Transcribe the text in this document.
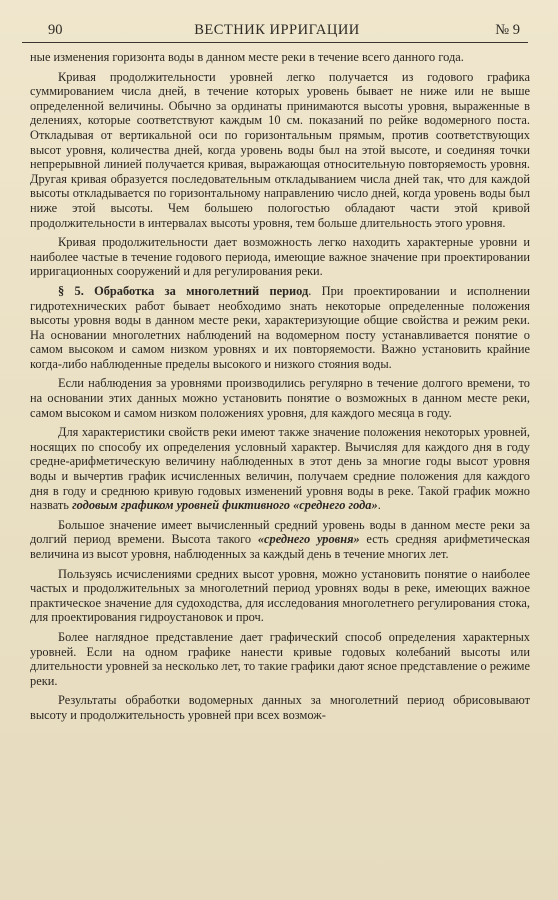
90	ВЕСТНИК ИРРИГАЦИИ	№ 9

ные изменения горизонта воды в данном месте реки в течение всего данного года.

Кривая продолжительности уровней легко получается из годового графика суммированием числа дней, в течение которых уровень бывает не ниже или не выше определенной величины. Обычно за ординаты принимаются высоты уровня, выраженные в делениях, которые соответствуют каждым 10 см. показаний по рейке водомерного поста. Откладывая от вертикальной оси по горизонтальным прямым, против соответствующих высот уровня, количества дней, когда уровень воды был на этой высоте, и соединяя точки непрерывной линией получается кривая, выражающая относительную повторяемость уровня. Другая кривая образуется последовательным откладыванием числа дней так, что для каждой высоты откладывается по горизонтальному направлению число дней, когда уровень воды был ниже этой высоты. Чем большею пологостью обладают части этой кривой продолжительности в интервалах высоты уровня, тем больше длительность этого уровня.

Кривая продолжительности дает возможность легко находить характерные уровни и наиболее частые в течение годового периода, имеющие важное значение при проектировании ирригационных сооружений и для регулирования реки.

§ 5. Обработка за многолетний период. При проектировании и исполнении гидротехнических работ бывает необходимо знать некоторые определенные положения высоты уровня воды в данном месте реки, характеризующие общие свойства и режим реки. На основании многолетних наблюдений на водомерном посту устанавливается понятие о самом высоком и самом низком уровнях и их повторяемости. Важно установить крайние когда-либо наблюденные пределы высокого и низкого стояния воды.

Если наблюдения за уровнями производились регулярно в течение долгого времени, то на основании этих данных можно установить понятие о возможных в данном месте реки, самом высоком и самом низком положениях уровня, для каждого месяца в году.

Для характеристики свойств реки имеют также значение положения некоторых уровней, носящих по способу их определения условный характер. Вычисляя для каждого дня в году средне-арифметическую величину наблюденных в этот день за многие годы высот уровня воды и вычертив график исчисленных величин, получаем средние положения для каждого дня в году и среднюю кривую годовых изменений уровня воды в реке. Такой график можно назвать годовым графиком уровней фиктивного «среднего года».

Большое значение имеет вычисленный средний уровень воды в данном месте реки за долгий период времени. Высота такого «среднего уровня» есть средняя арифметическая величина из высот уровня, наблюденных за каждый день в течение многих лет.

Пользуясь исчислениями средних высот уровня, можно установить понятие о наиболее частых и продолжительных за многолетний период уровнях воды в реке, имеющих важное практическое значение для судоходства, для исследования многолетнего регулирования стока, для проектирования гидроустановок и проч.

Более наглядное представление дает графический способ определения характерных уровней. Если на одном графике нанести кривые годовых колебаний высоты или длительности уровней за несколько лет, то такие графики дают ясное представление о режиме реки.

Результаты обработки водомерных данных за многолетний период обрисовывают высоту и продолжительность уровней при всех возмож-
